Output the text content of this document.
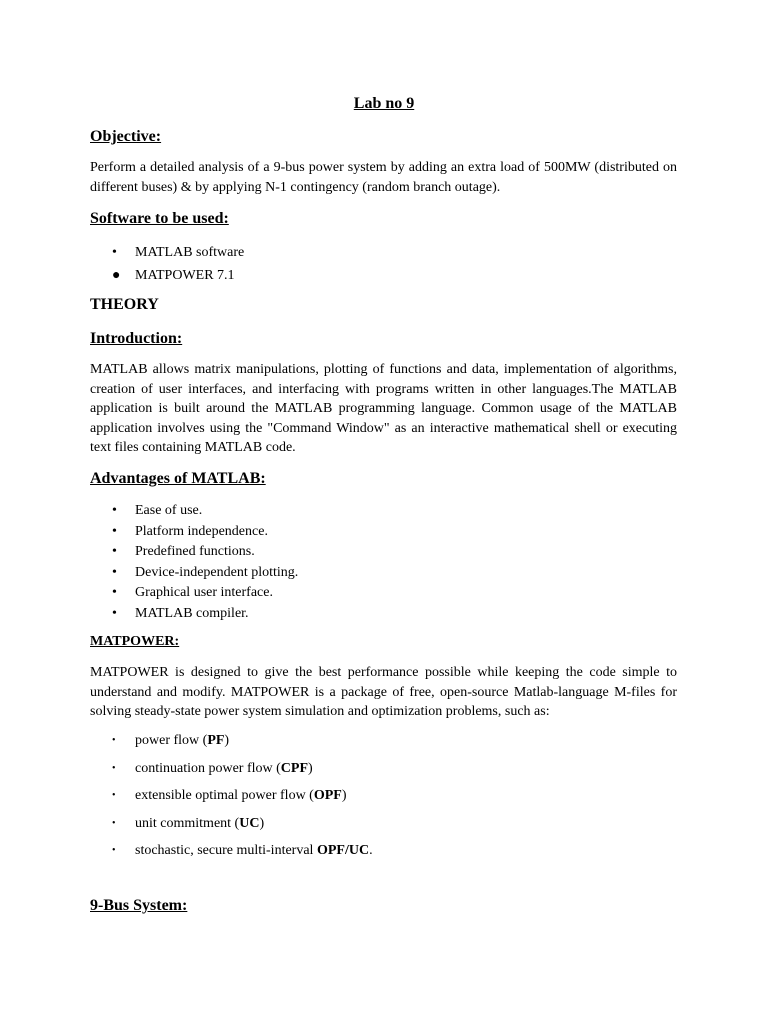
Lab no 9
Objective:

Perform a detailed analysis of a 9-bus power system by adding an extra load of 500MW (distributed on different buses) & by applying N-1 contingency (random branch outage).

Software to be used:
• MATLAB software
● MATPOWER 7.1
THEORY
Introduction:

MATLAB allows matrix manipulations, plotting of functions and data, implementation of algorithms, creation of user interfaces, and interfacing with programs written in other languages.The MATLAB application is built around the MATLAB programming language. Common usage of the MATLAB application involves using the "Command Window" as an interactive mathematical shell or executing text files containing MATLAB code.

Advantages of MATLAB:
• Ease of use.
• Platform independence.
• Predefined functions.
• Device-independent plotting.
• Graphical user interface.
• MATLAB compiler.
MATPOWER:

MATPOWER is designed to give the best performance possible while keeping the code simple to understand and modify. MATPOWER is a package of free, open-source Matlab-language M-files for solving steady-state power system simulation and optimization problems, such as:

• power flow (PF)
• continuation power flow (CPF)
• extensible optimal power flow (OPF)
• unit commitment (UC)
• stochastic, secure multi-interval OPF/UC.
9-Bus System:
